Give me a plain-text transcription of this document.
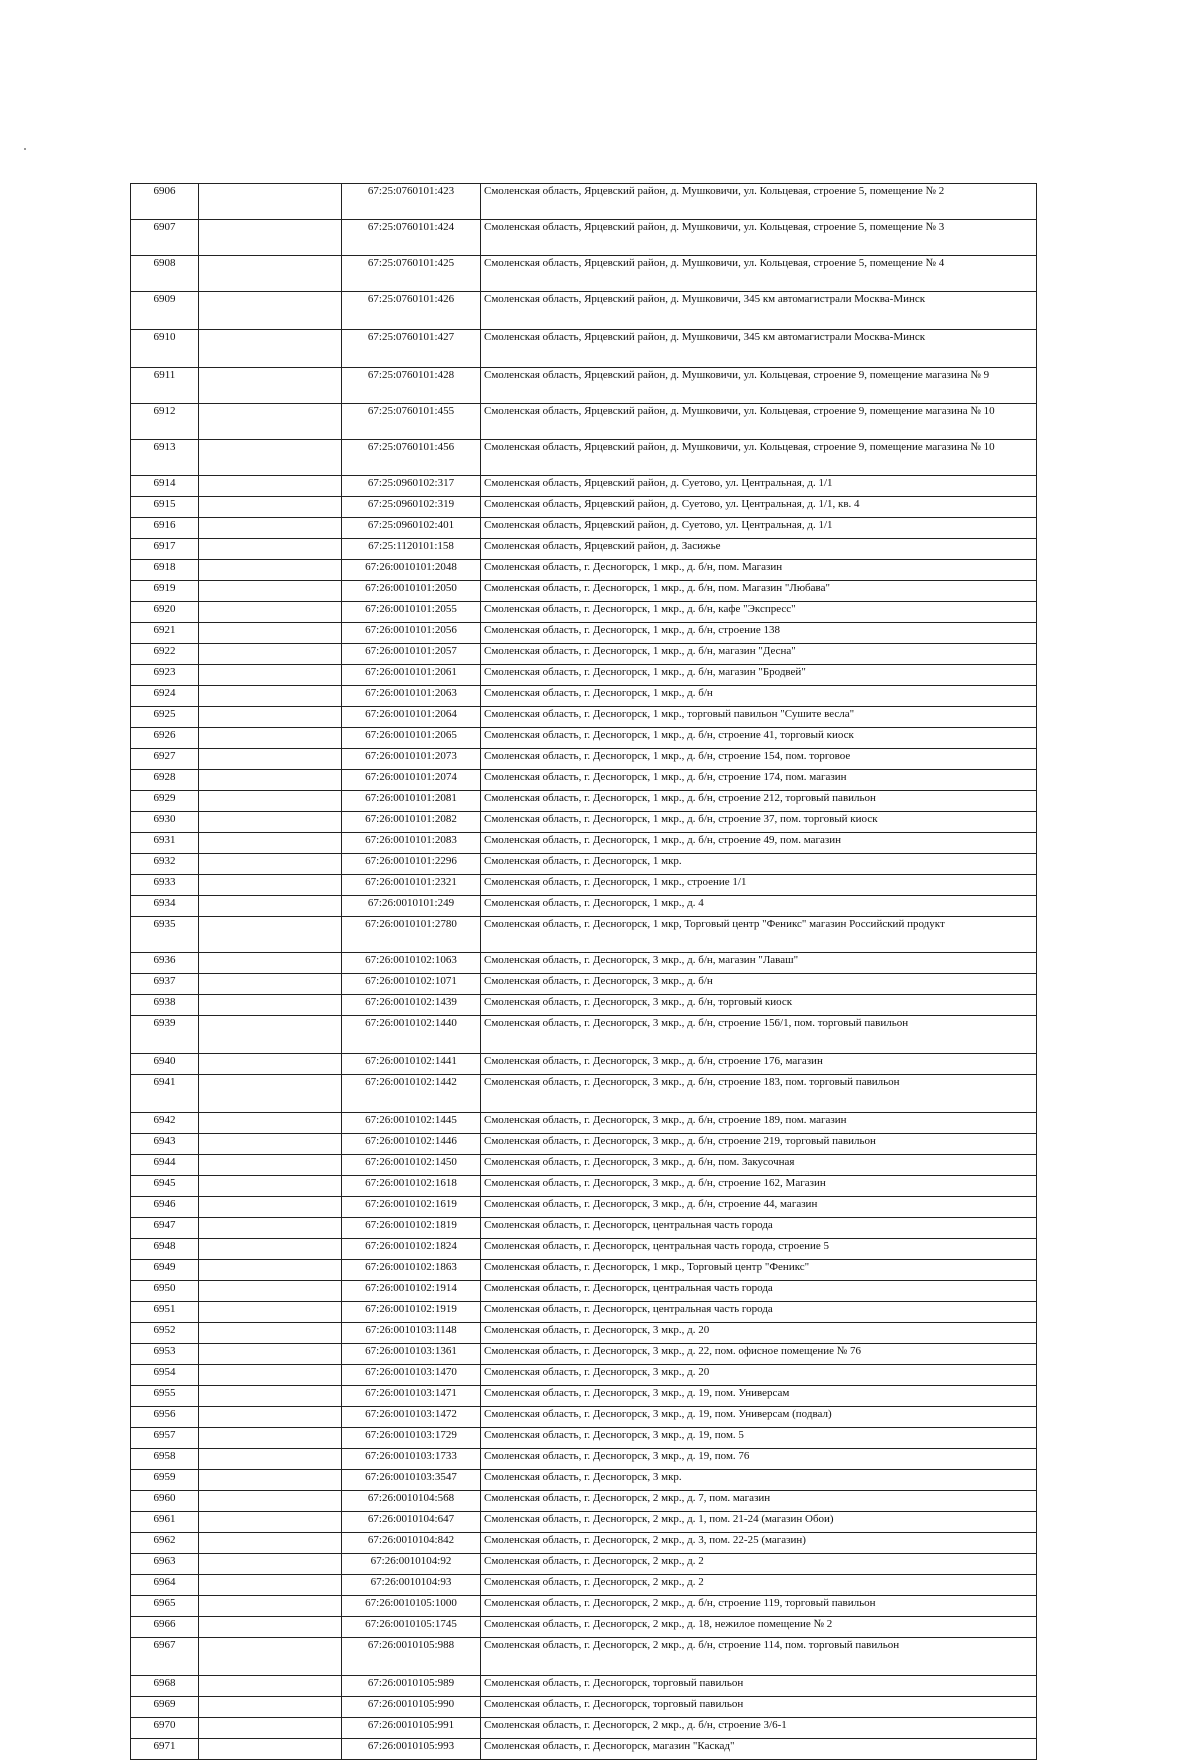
6906		67:25:0760101:423	Смоленская область, Ярцевский район, д. Мушковичи, ул. Кольцевая, строение 5, помещение № 2
6907		67:25:0760101:424	Смоленская область, Ярцевский район, д. Мушковичи, ул. Кольцевая, строение 5, помещение № 3
6908		67:25:0760101:425	Смоленская область, Ярцевский район, д. Мушковичи, ул. Кольцевая, строение 5, помещение № 4
6909		67:25:0760101:426	Смоленская область, Ярцевский район, д. Мушковичи, 345 км автомагистрали Москва-Минск
6910		67:25:0760101:427	Смоленская область, Ярцевский район, д. Мушковичи, 345 км автомагистрали Москва-Минск
6911		67:25:0760101:428	Смоленская область, Ярцевский район, д. Мушковичи, ул. Кольцевая, строение 9, помещение магазина № 9
6912		67:25:0760101:455	Смоленская область, Ярцевский район, д. Мушковичи, ул. Кольцевая, строение 9, помещение магазина № 10
6913		67:25:0760101:456	Смоленская область, Ярцевский район, д. Мушковичи, ул. Кольцевая, строение 9, помещение магазина № 10
6914		67:25:0960102:317	Смоленская область, Ярцевский район, д. Суетово, ул. Центральная, д. 1/1
6915		67:25:0960102:319	Смоленская область, Ярцевский район, д. Суетово, ул. Центральная, д. 1/1, кв. 4
6916		67:25:0960102:401	Смоленская область, Ярцевский район, д. Суетово, ул. Центральная, д. 1/1
6917		67:25:1120101:158	Смоленская область, Ярцевский район, д. Засижье
6918		67:26:0010101:2048	Смоленская область, г. Десногорск, 1 мкр., д. б/н, пом. Магазин
6919		67:26:0010101:2050	Смоленская область, г. Десногорск, 1 мкр., д. б/н, пом. Магазин "Любава"
6920		67:26:0010101:2055	Смоленская область, г. Десногорск, 1 мкр., д. б/н, кафе "Экспресс"
6921		67:26:0010101:2056	Смоленская область, г. Десногорск, 1 мкр., д. б/н, строение 138
6922		67:26:0010101:2057	Смоленская область, г. Десногорск, 1 мкр., д. б/н, магазин "Десна"
6923		67:26:0010101:2061	Смоленская область, г. Десногорск, 1 мкр., д. б/н, магазин "Бродвей"
6924		67:26:0010101:2063	Смоленская область, г. Десногорск, 1 мкр., д. б/н
6925		67:26:0010101:2064	Смоленская область, г. Десногорск, 1 мкр., торговый павильон "Сушите весла"
6926		67:26:0010101:2065	Смоленская область, г. Десногорск, 1 мкр., д. б/н, строение 41, торговый киоск
6927		67:26:0010101:2073	Смоленская область, г. Десногорск, 1 мкр., д. б/н, строение 154, пом. торговое
6928		67:26:0010101:2074	Смоленская область, г. Десногорск, 1 мкр., д. б/н, строение 174, пом. магазин
6929		67:26:0010101:2081	Смоленская область, г. Десногорск, 1 мкр., д. б/н, строение 212, торговый павильон
6930		67:26:0010101:2082	Смоленская область, г. Десногорск, 1 мкр., д. б/н, строение 37, пом. торговый киоск
6931		67:26:0010101:2083	Смоленская область, г. Десногорск, 1 мкр., д. б/н, строение 49, пом. магазин
6932		67:26:0010101:2296	Смоленская область, г. Десногорск, 1 мкр.
6933		67:26:0010101:2321	Смоленская область, г. Десногорск, 1 мкр., строение 1/1
6934		67:26:0010101:249	Смоленская область, г. Десногорск, 1 мкр., д. 4
6935		67:26:0010101:2780	Смоленская область, г. Десногорск, 1 мкр, Торговый центр "Феникс" магазин Российский продукт
6936		67:26:0010102:1063	Смоленская область, г. Десногорск, 3 мкр., д. б/н, магазин "Лаваш"
6937		67:26:0010102:1071	Смоленская область, г. Десногорск, 3 мкр., д. б/н
6938		67:26:0010102:1439	Смоленская область, г. Десногорск, 3 мкр., д. б/н, торговый киоск
6939		67:26:0010102:1440	Смоленская область, г. Десногорск, 3 мкр., д. б/н, строение 156/1, пом. торговый павильон
6940		67:26:0010102:1441	Смоленская область, г. Десногорск, 3 мкр., д. б/н, строение 176, магазин
6941		67:26:0010102:1442	Смоленская область, г. Десногорск, 3 мкр., д. б/н, строение 183, пом. торговый павильон
6942		67:26:0010102:1445	Смоленская область, г. Десногорск, 3 мкр., д. б/н, строение 189, пом. магазин
6943		67:26:0010102:1446	Смоленская область, г. Десногорск, 3 мкр., д. б/н, строение 219, торговый павильон
6944		67:26:0010102:1450	Смоленская область, г. Десногорск, 3 мкр., д. б/н, пом. Закусочная
6945		67:26:0010102:1618	Смоленская область, г. Десногорск, 3 мкр., д. б/н, строение 162, Магазин
6946		67:26:0010102:1619	Смоленская область, г. Десногорск, 3 мкр., д. б/н, строение 44, магазин
6947		67:26:0010102:1819	Смоленская область, г. Десногорск, центральная часть города
6948		67:26:0010102:1824	Смоленская область, г. Десногорск, центральная часть города, строение 5
6949		67:26:0010102:1863	Смоленская область, г. Десногорск, 1 мкр., Торговый центр "Феникс"
6950		67:26:0010102:1914	Смоленская область, г. Десногорск, центральная часть города
6951		67:26:0010102:1919	Смоленская область, г. Десногорск, центральная часть города
6952		67:26:0010103:1148	Смоленская область, г. Десногорск, 3 мкр., д. 20
6953		67:26:0010103:1361	Смоленская область, г. Десногорск, 3 мкр., д. 22, пом. офисное помещение № 76
6954		67:26:0010103:1470	Смоленская область, г. Десногорск, 3 мкр., д. 20
6955		67:26:0010103:1471	Смоленская область, г. Десногорск, 3 мкр., д. 19, пом. Универсам
6956		67:26:0010103:1472	Смоленская область, г. Десногорск, 3 мкр., д. 19, пом. Универсам (подвал)
6957		67:26:0010103:1729	Смоленская область, г. Десногорск, 3 мкр., д. 19, пом. 5
6958		67:26:0010103:1733	Смоленская область, г. Десногорск, 3 мкр., д. 19, пом. 76
6959		67:26:0010103:3547	Смоленская область, г. Десногорск, 3 мкр.
6960		67:26:0010104:568	Смоленская область, г. Десногорск, 2 мкр., д. 7, пом. магазин
6961		67:26:0010104:647	Смоленская область, г. Десногорск, 2 мкр., д. 1, пом. 21-24 (магазин Обои)
6962		67:26:0010104:842	Смоленская область, г. Десногорск, 2 мкр., д. 3, пом. 22-25 (магазин)
6963		67:26:0010104:92	Смоленская область, г. Десногорск, 2 мкр., д. 2
6964		67:26:0010104:93	Смоленская область, г. Десногорск, 2 мкр., д. 2
6965		67:26:0010105:1000	Смоленская область, г. Десногорск, 2 мкр., д. б/н, строение 119, торговый павильон
6966		67:26:0010105:1745	Смоленская область, г. Десногорск, 2 мкр., д. 18, нежилое помещение № 2
6967		67:26:0010105:988	Смоленская область, г. Десногорск, 2 мкр., д. б/н, строение 114, пом. торговый павильон
6968		67:26:0010105:989	Смоленская область, г. Десногорск, торговый павильон
6969		67:26:0010105:990	Смоленская область, г. Десногорск, торговый павильон
6970		67:26:0010105:991	Смоленская область, г. Десногорск, 2 мкр., д. б/н, строение 3/6-1
6971		67:26:0010105:993	Смоленская область, г. Десногорск, магазин "Каскад"
